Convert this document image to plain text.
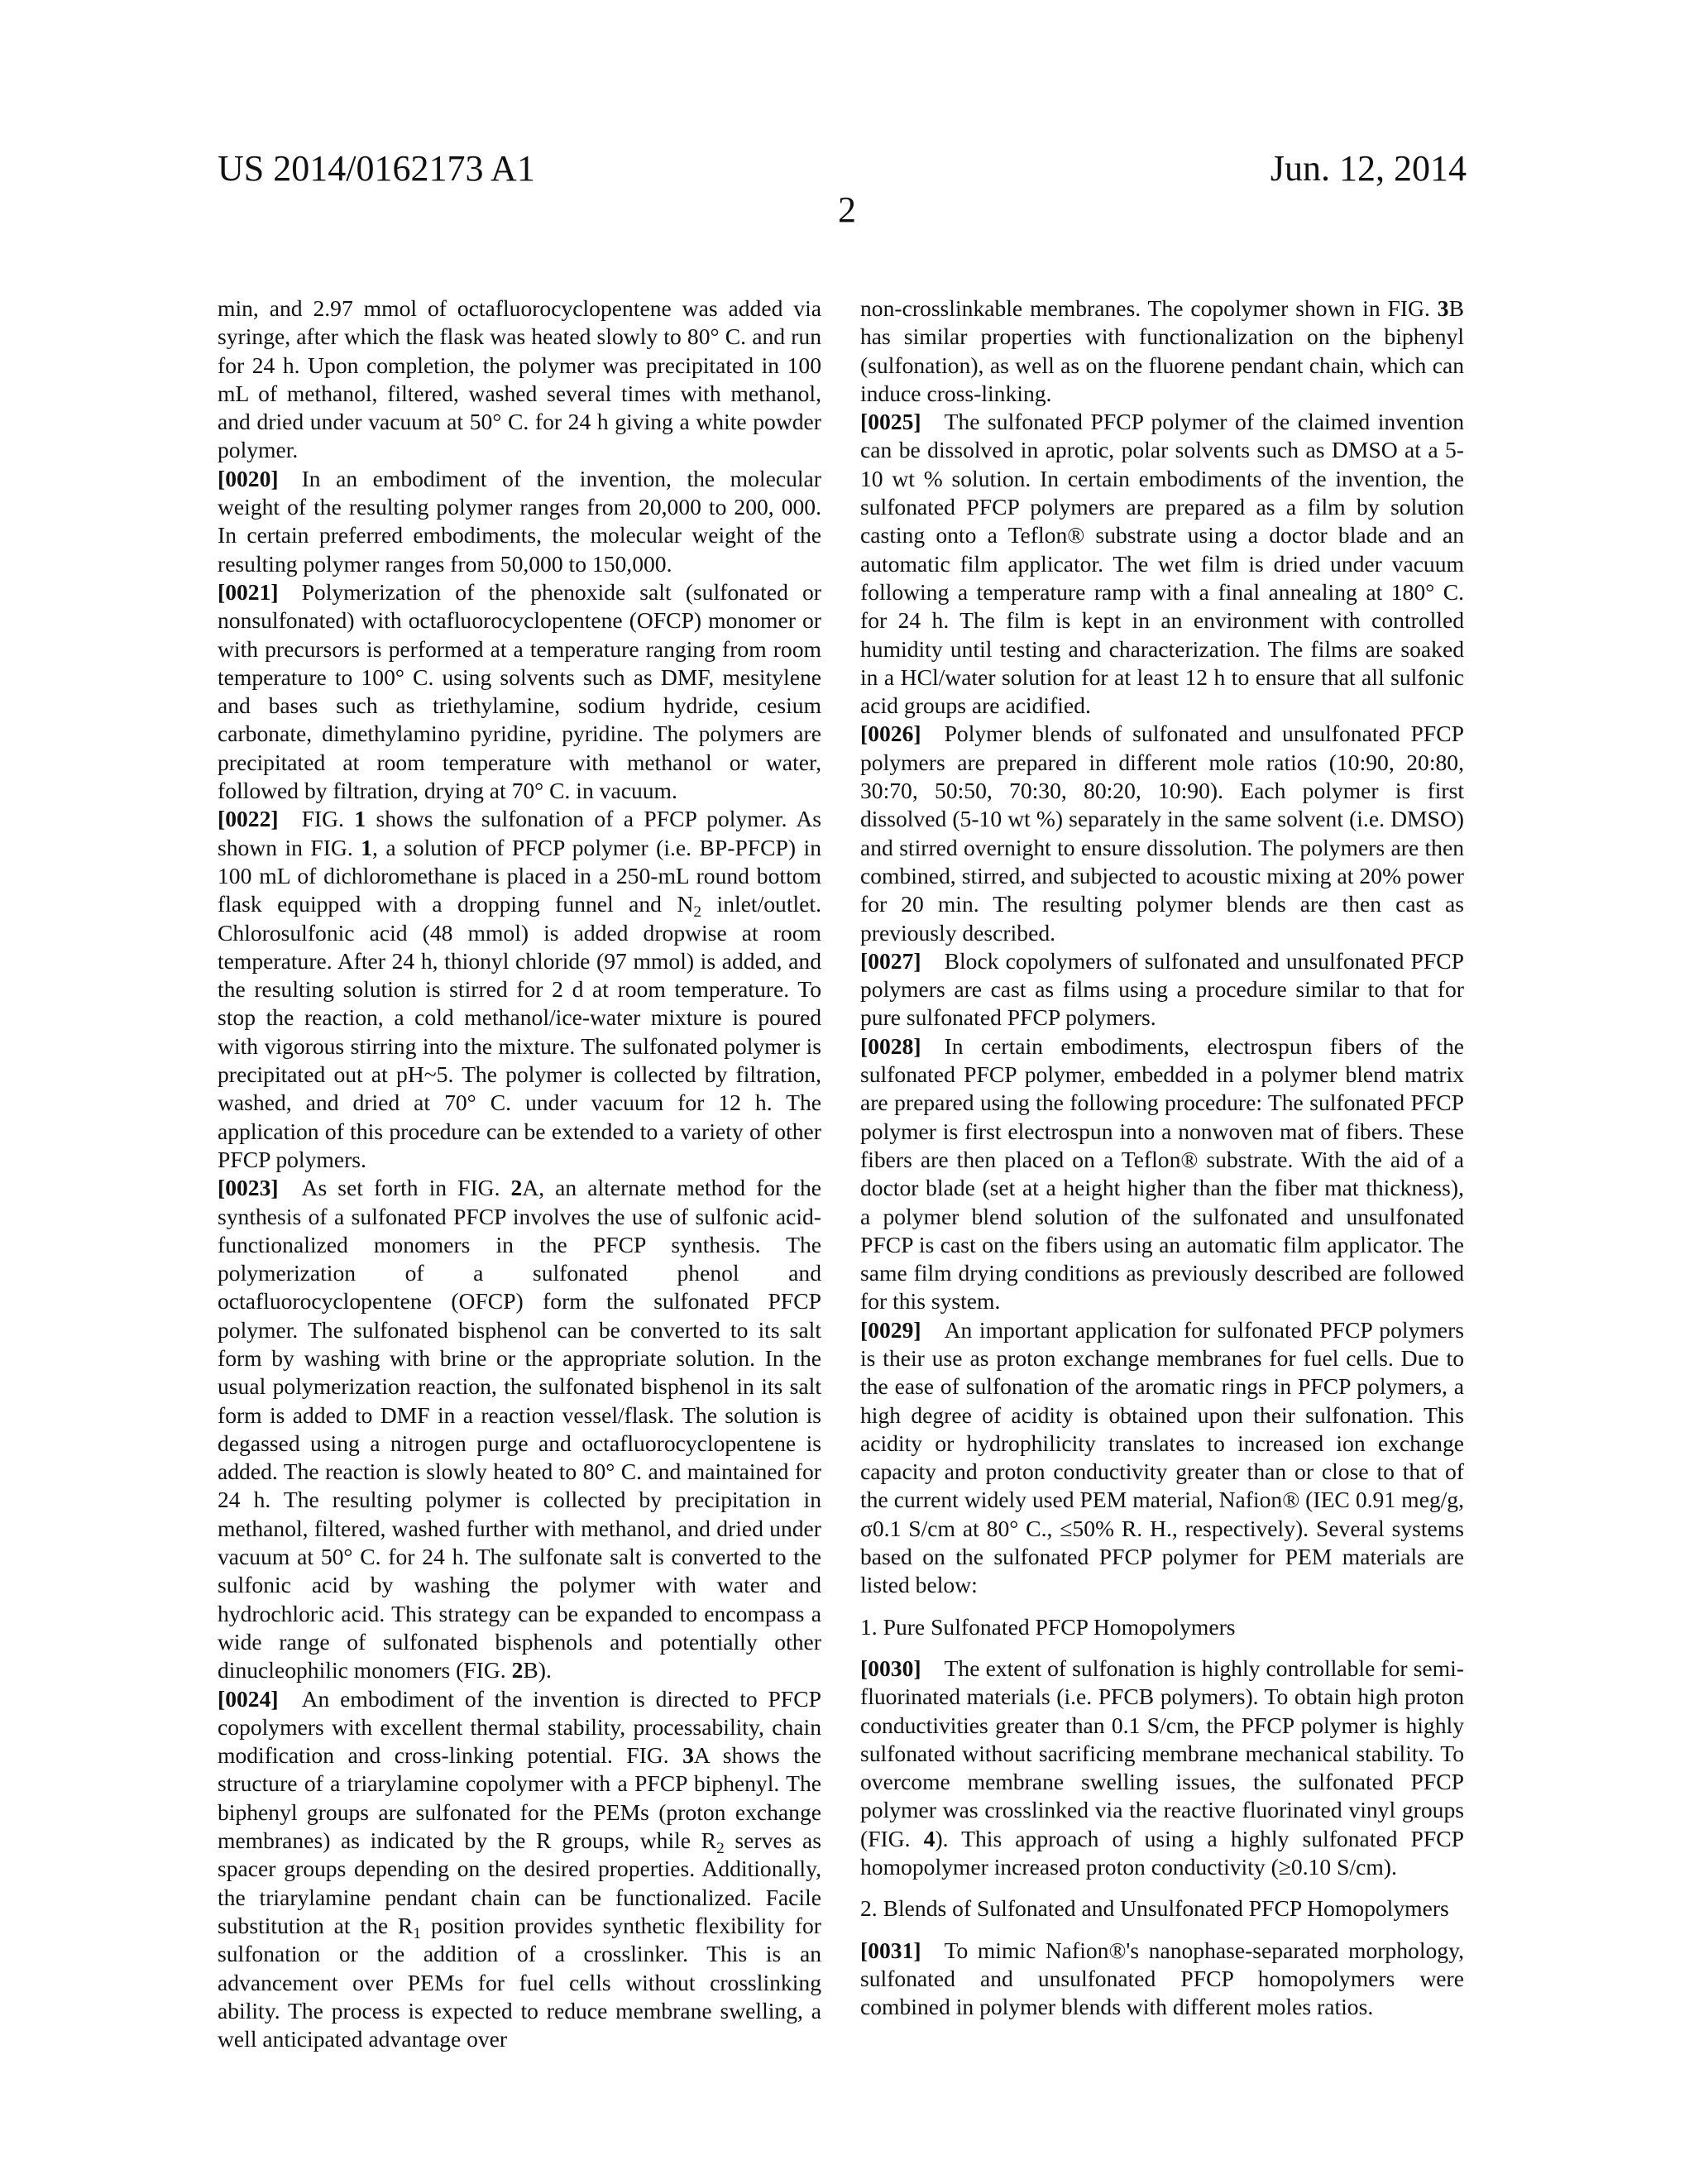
US 2014/0162173 A1	Jun. 12, 2014
2

min, and 2.97 mmol of octafluorocyclopentene was added via syringe, after which the flask was heated slowly to 80° C. and run for 24 h. Upon completion, the polymer was precipitated in 100 mL of methanol, filtered, washed several times with methanol, and dried under vacuum at 50° C. for 24 h giving a white powder polymer.

[0020] In an embodiment of the invention, the molecular weight of the resulting polymer ranges from 20,000 to 200, 000. In certain preferred embodiments, the molecular weight of the resulting polymer ranges from 50,000 to 150,000.

[0021] Polymerization of the phenoxide salt (sulfonated or nonsulfonated) with octafluorocyclopentene (OFCP) monomer or with precursors is performed at a temperature ranging from room temperature to 100° C. using solvents such as DMF, mesitylene and bases such as triethylamine, sodium hydride, cesium carbonate, dimethylamino pyridine, pyridine. The polymers are precipitated at room temperature with methanol or water, followed by filtration, drying at 70° C. in vacuum.

[0022] FIG. 1 shows the sulfonation of a PFCP polymer. As shown in FIG. 1, a solution of PFCP polymer (i.e. BP-PFCP) in 100 mL of dichloromethane is placed in a 250-mL round bottom flask equipped with a dropping funnel and $N_2$ inlet/outlet. Chlorosulfonic acid (48 mmol) is added dropwise at room temperature. After 24 h, thionyl chloride (97 mmol) is added, and the resulting solution is stirred for 2 d at room temperature. To stop the reaction, a cold methanol/ice-water mixture is poured with vigorous stirring into the mixture. The sulfonated polymer is precipitated out at pH~5. The polymer is collected by filtration, washed, and dried at 70° C. under vacuum for 12 h. The application of this procedure can be extended to a variety of other PFCP polymers.

[0023] As set forth in FIG. 2A, an alternate method for the synthesis of a sulfonated PFCP involves the use of sulfonic acid-functionalized monomers in the PFCP synthesis. The polymerization of a sulfonated phenol and octafluorocyclopentene (OFCP) form the sulfonated PFCP polymer. The sulfonated bisphenol can be converted to its salt form by washing with brine or the appropriate solution. In the usual polymerization reaction, the sulfonated bisphenol in its salt form is added to DMF in a reaction vessel/flask. The solution is degassed using a nitrogen purge and octafluorocyclopentene is added. The reaction is slowly heated to 80° C. and maintained for 24 h. The resulting polymer is collected by precipitation in methanol, filtered, washed further with methanol, and dried under vacuum at 50° C. for 24 h. The sulfonate salt is converted to the sulfonic acid by washing the polymer with water and hydrochloric acid. This strategy can be expanded to encompass a wide range of sulfonated bisphenols and potentially other dinucleophilic monomers (FIG. 2B).

[0024] An embodiment of the invention is directed to PFCP copolymers with excellent thermal stability, processability, chain modification and cross-linking potential. FIG. 3A shows the structure of a triarylamine copolymer with a PFCP biphenyl. The biphenyl groups are sulfonated for the PEMs (proton exchange membranes) as indicated by the R groups, while $R_2$ serves as spacer groups depending on the desired properties. Additionally, the triarylamine pendant chain can be functionalized. Facile substitution at the $R_1$ position provides synthetic flexibility for sulfonation or the addition of a crosslinker. This is an advancement over PEMs for fuel cells without crosslinking ability. The process is expected to reduce membrane swelling, a well anticipated advantage over

non-crosslinkable membranes. The copolymer shown in FIG. 3B has similar properties with functionalization on the biphenyl (sulfonation), as well as on the fluorene pendant chain, which can induce cross-linking.

[0025] The sulfonated PFCP polymer of the claimed invention can be dissolved in aprotic, polar solvents such as DMSO at a 5-10 wt % solution. In certain embodiments of the invention, the sulfonated PFCP polymers are prepared as a film by solution casting onto a Teflon® substrate using a doctor blade and an automatic film applicator. The wet film is dried under vacuum following a temperature ramp with a final annealing at 180° C. for 24 h. The film is kept in an environment with controlled humidity until testing and characterization. The films are soaked in a HCl/water solution for at least 12 h to ensure that all sulfonic acid groups are acidified.

[0026] Polymer blends of sulfonated and unsulfonated PFCP polymers are prepared in different mole ratios (10:90, 20:80, 30:70, 50:50, 70:30, 80:20, 10:90). Each polymer is first dissolved (5-10 wt %) separately in the same solvent (i.e. DMSO) and stirred overnight to ensure dissolution. The polymers are then combined, stirred, and subjected to acoustic mixing at 20% power for 20 min. The resulting polymer blends are then cast as previously described.

[0027] Block copolymers of sulfonated and unsulfonated PFCP polymers are cast as films using a procedure similar to that for pure sulfonated PFCP polymers.

[0028] In certain embodiments, electrospun fibers of the sulfonated PFCP polymer, embedded in a polymer blend matrix are prepared using the following procedure: The sulfonated PFCP polymer is first electrospun into a nonwoven mat of fibers. These fibers are then placed on a Teflon® substrate. With the aid of a doctor blade (set at a height higher than the fiber mat thickness), a polymer blend solution of the sulfonated and unsulfonated PFCP is cast on the fibers using an automatic film applicator. The same film drying conditions as previously described are followed for this system.

[0029] An important application for sulfonated PFCP polymers is their use as proton exchange membranes for fuel cells. Due to the ease of sulfonation of the aromatic rings in PFCP polymers, a high degree of acidity is obtained upon their sulfonation. This acidity or hydrophilicity translates to increased ion exchange capacity and proton conductivity greater than or close to that of the current widely used PEM material, Nafion® (IEC 0.91 meg/g, σ0.1 S/cm at 80° C., ≤50% R. H., respectively). Several systems based on the sulfonated PFCP polymer for PEM materials are listed below:

1. Pure Sulfonated PFCP Homopolymers

[0030] The extent of sulfonation is highly controllable for semi-fluorinated materials (i.e. PFCB polymers). To obtain high proton conductivities greater than 0.1 S/cm, the PFCP polymer is highly sulfonated without sacrificing membrane mechanical stability. To overcome membrane swelling issues, the sulfonated PFCP polymer was crosslinked via the reactive fluorinated vinyl groups (FIG. 4). This approach of using a highly sulfonated PFCP homopolymer increased proton conductivity (≥0.10 S/cm).

2. Blends of Sulfonated and Unsulfonated PFCP Homopolymers

[0031] To mimic Nafion®'s nanophase-separated morphology, sulfonated and unsulfonated PFCP homopolymers were combined in polymer blends with different moles ratios.
